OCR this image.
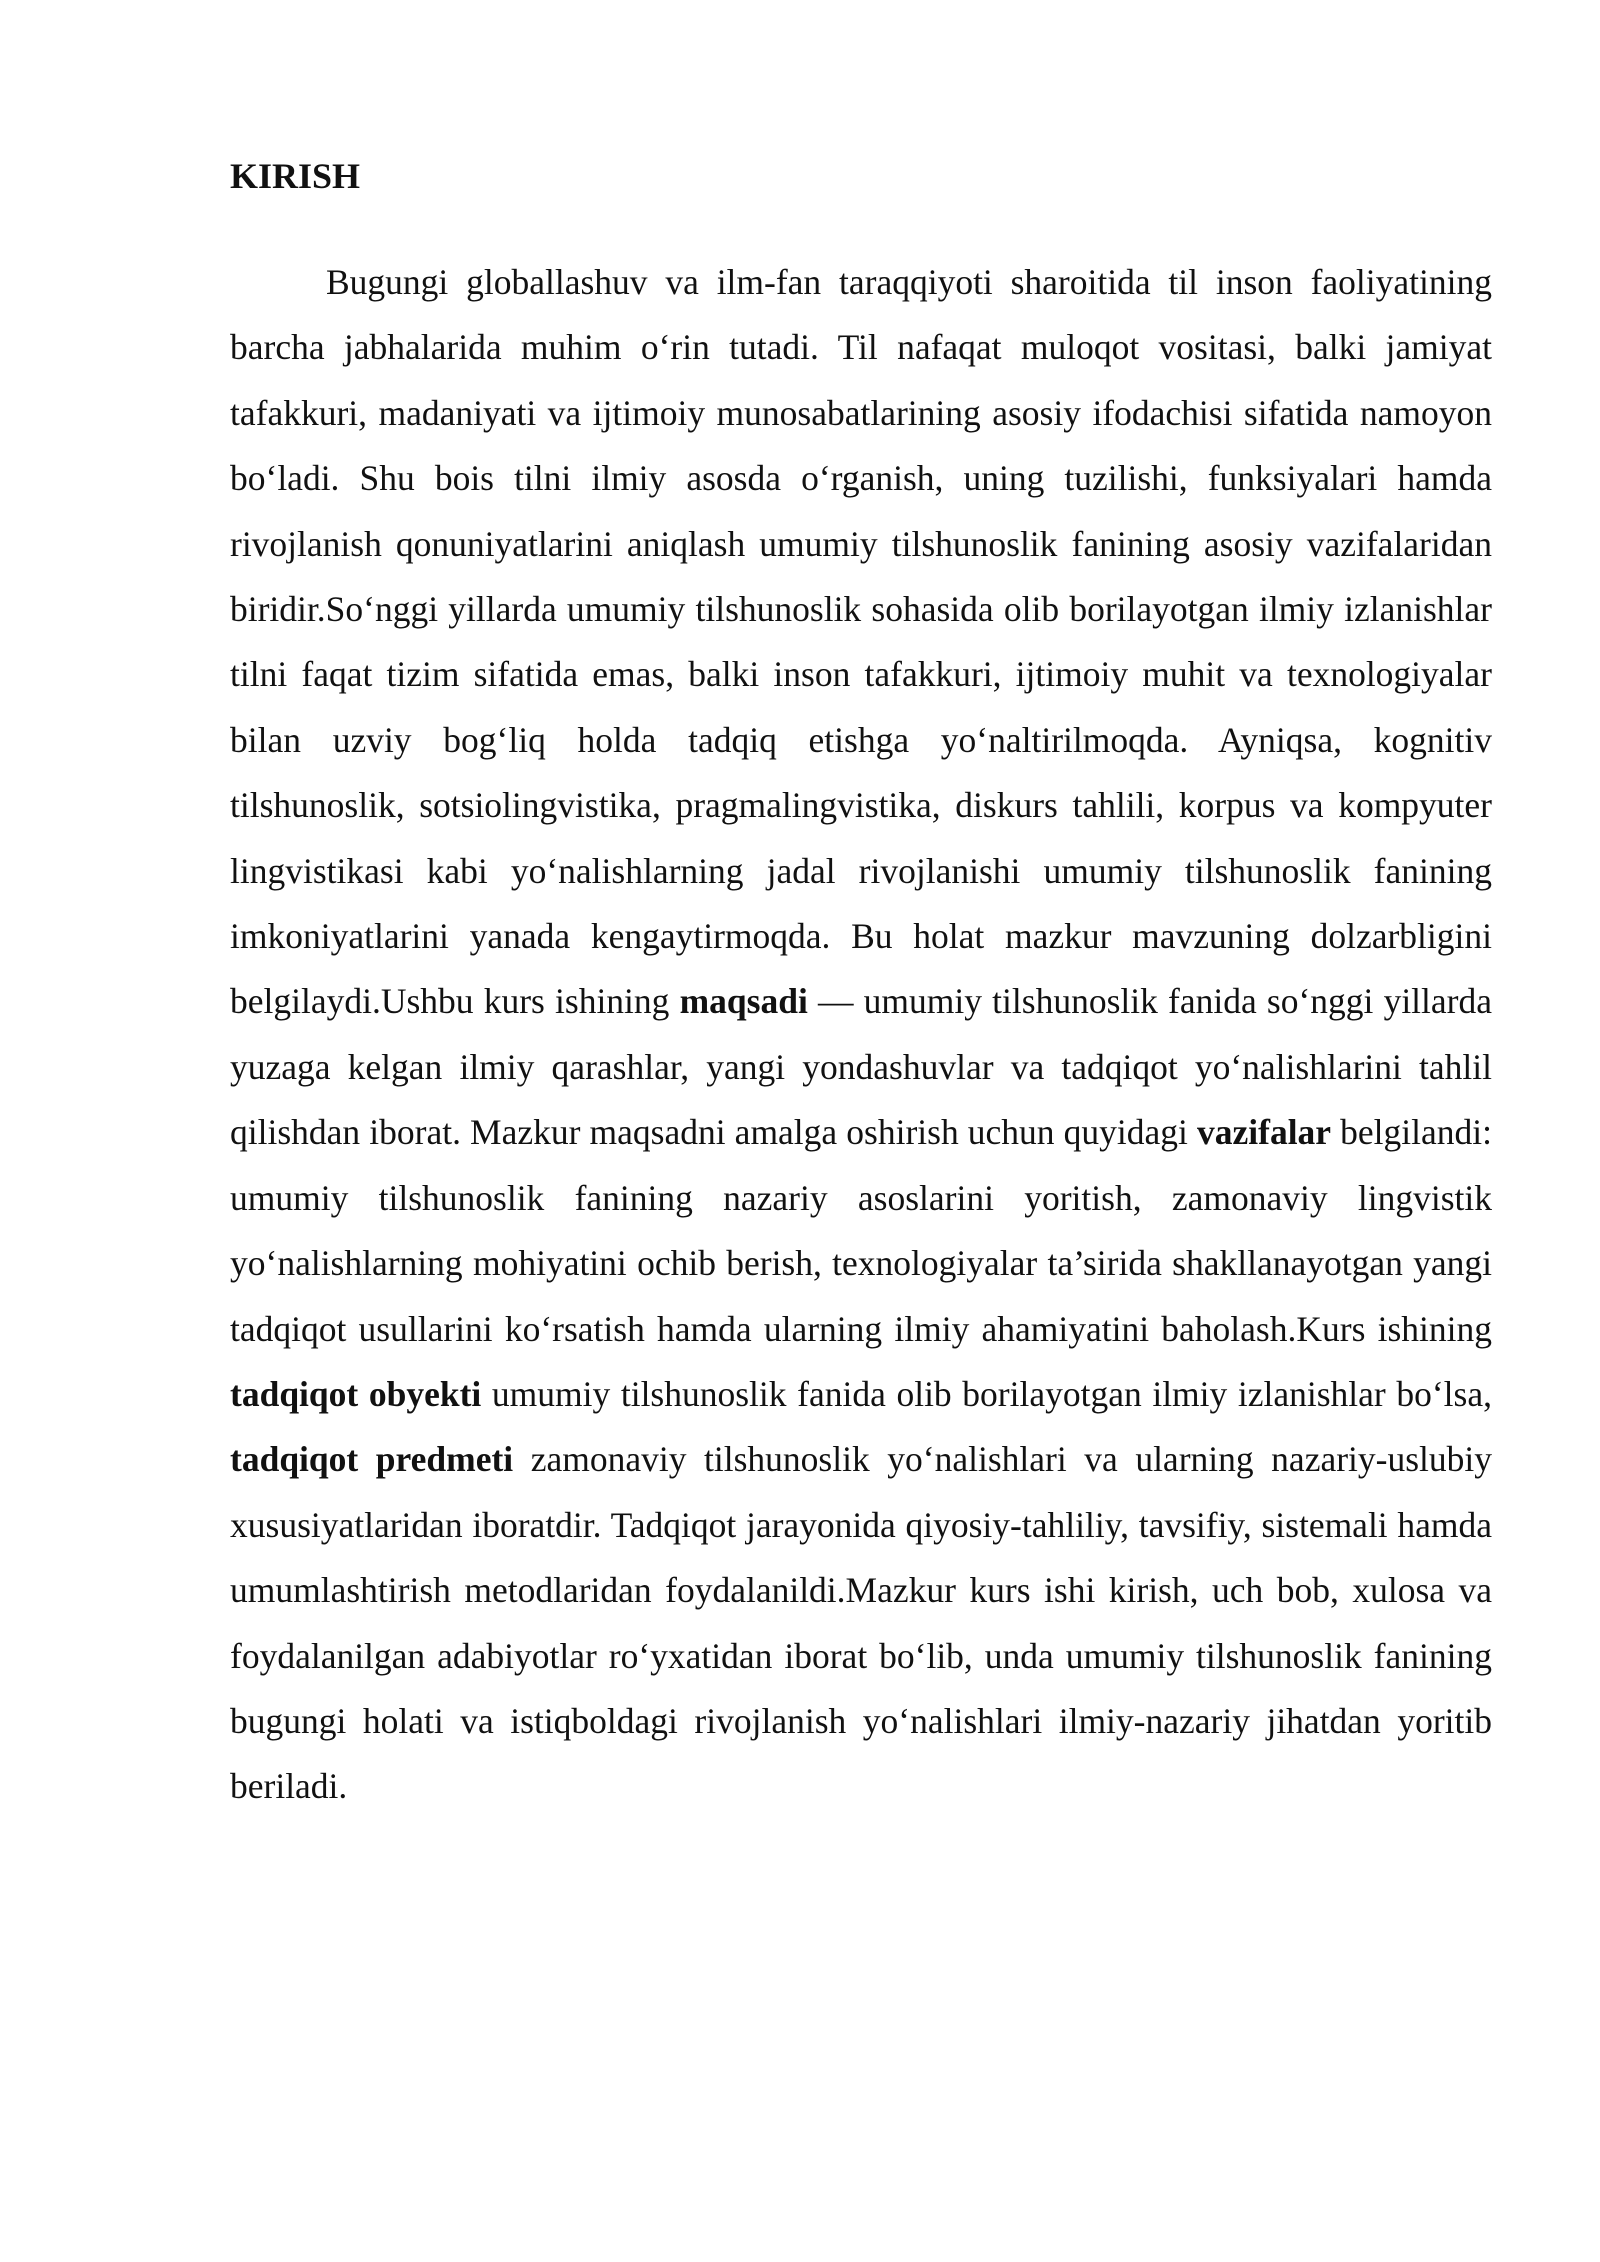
KIRISH

Bugungi globallashuv va ilm-fan taraqqiyoti sharoitida til inson faoliyatining barcha jabhalarida muhim o‘rin tutadi. Til nafaqat muloqot vositasi, balki jamiyat tafakkuri, madaniyati va ijtimoiy munosabatlarining asosiy ifodachisi sifatida namoyon bo‘ladi. Shu bois tilni ilmiy asosda o‘rganish, uning tuzilishi, funksiyalari hamda rivojlanish qonuniyatlarini aniqlash umumiy tilshunoslik fanining asosiy vazifalaridan biridir.So‘nggi yillarda umumiy tilshunoslik sohasida olib borilayotgan ilmiy izlanishlar tilni faqat tizim sifatida emas, balki inson tafakkuri, ijtimoiy muhit va texnologiyalar bilan uzviy bog‘liq holda tadqiq etishga yo‘naltirilmoqda. Ayniqsa, kognitiv tilshunoslik, sotsiolingvistika, pragmalingvistika, diskurs tahlili, korpus va kompyuter lingvistikasi kabi yo‘nalishlarning jadal rivojlanishi umumiy tilshunoslik fanining imkoniyatlarini yanada kengaytirmoqda. Bu holat mazkur mavzuning dolzarbligini belgilaydi.Ushbu kurs ishining maqsadi — umumiy tilshunoslik fanida so‘nggi yillarda yuzaga kelgan ilmiy qarashlar, yangi yondashuvlar va tadqiqot yo‘nalishlarini tahlil qilishdan iborat. Mazkur maqsadni amalga oshirish uchun quyidagi vazifalar belgilandi: umumiy tilshunoslik fanining nazariy asoslarini yoritish, zamonaviy lingvistik yo‘nalishlarning mohiyatini ochib berish, texnologiyalar ta’sirida shakllanayotgan yangi tadqiqot usullarini ko‘rsatish hamda ularning ilmiy ahamiyatini baholash.Kurs ishining tadqiqot obyekti umumiy tilshunoslik fanida olib borilayotgan ilmiy izlanishlar bo‘lsa, tadqiqot predmeti zamonaviy tilshunoslik yo‘nalishlari va ularning nazariy-uslubiy xususiyatlaridan iboratdir. Tadqiqot jarayonida qiyosiy-tahliliy, tavsifiy, sistemali hamda umumlashtirish metodlaridan foydalanildi.Mazkur kurs ishi kirish, uch bob, xulosa va foydalanilgan adabiyotlar ro‘yxatidan iborat bo‘lib, unda umumiy tilshunoslik fanining bugungi holati va istiqboldagi rivojlanish yo‘nalishlari ilmiy-nazariy jihatdan yoritib beriladi.
